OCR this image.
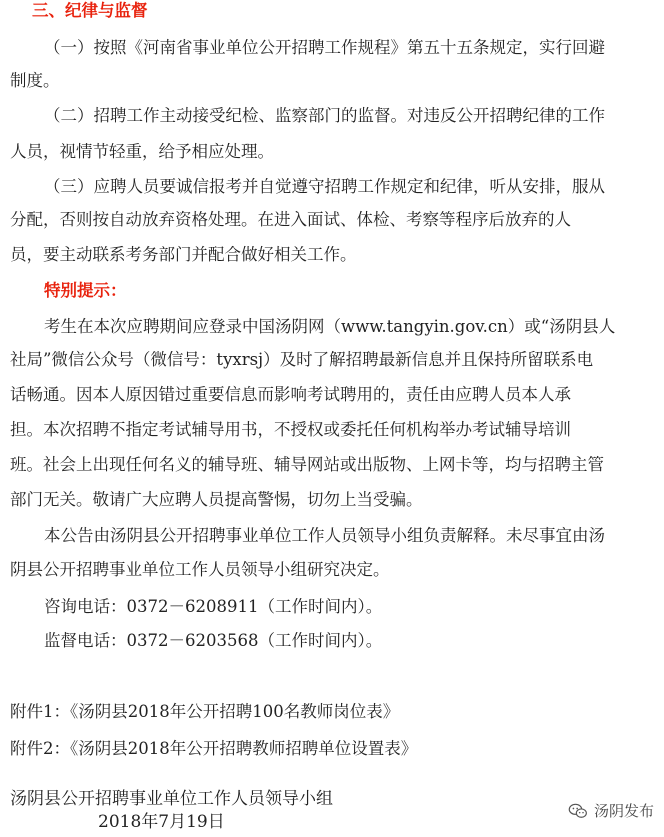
三、纪律与监督
（一）按照《河南省事业单位公开招聘工作规程》第五十五条规定，实行回避
制度。
（二）招聘工作主动接受纪检、监察部门的监督。对违反公开招聘纪律的工作
人员，视情节轻重，给予相应处理。
（三）应聘人员要诚信报考并自觉遵守招聘工作规定和纪律，听从安排，服从
分配，否则按自动放弃资格处理。在进入面试、体检、考察等程序后放弃的人
员，要主动联系考务部门并配合做好相关工作。
特别提示：
考生在本次应聘期间应登录中国汤阴网（www.tangyin.gov.cn）或“汤阴县人
社局”微信公众号（微信号：tyxrsj）及时了解招聘最新信息并且保持所留联系电
话畅通。因本人原因错过重要信息而影响考试聘用的，责任由应聘人员本人承
担。本次招聘不指定考试辅导用书，不授权或委托任何机构举办考试辅导培训
班。社会上出现任何名义的辅导班、辅导网站或出版物、上网卡等，均与招聘主管
部门无关。敬请广大应聘人员提高警惕，切勿上当受骗。
本公告由汤阴县公开招聘事业单位工作人员领导小组负责解释。未尽事宜由汤
阴县公开招聘事业单位工作人员领导小组研究决定。
咨询电话：0372－6208911（工作时间内）。
监督电话：0372－6203568（工作时间内）。
附件1：《汤阴县2018年公开招聘100名教师岗位表》
附件2：《汤阴县2018年公开招聘教师招聘单位设置表》
汤阴县公开招聘事业单位工作人员领导小组
2018年7月19日
汤阴发布
